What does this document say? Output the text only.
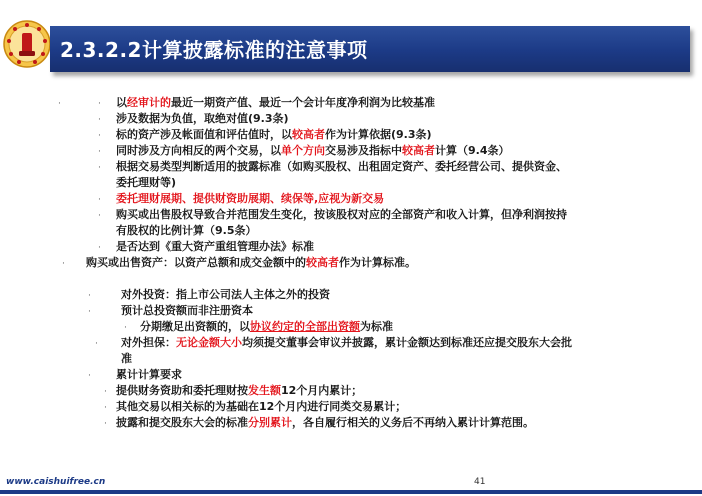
2.3.2.2计算披露标准的注意事项
·	·
·
·
·
·
·
·
·
·
·
·
·
·
·
·
·
·
以经审计的最近一期资产值、最近一个会计年度净利润为比较基准
涉及数据为负值，取绝对值(9.3条)
标的资产涉及帐面值和评估值时，以较高者作为计算依据(9.3条)
同时涉及方向相反的两个交易，以单个方向交易涉及指标中较高者计算（9.4条）
根据交易类型判断适用的披露标准（如购买股权、出租固定资产、委托经营公司、提供资金、
委托理财等)
委托理财展期、提供财资助展期、续保等,应视为新交易
购买或出售股权导致合并范围发生变化，按该股权对应的全部资产和收入计算，但净利润按持
有股权的比例计算（9.5条）
是否达到《重大资产重组管理办法》标准
购买或出售资产：以资产总额和成交金额中的较高者作为计算标准。
对外投资：指上市公司法人主体之外的投资
预计总投资额而非注册资本
分期缴足出资额的，以协议约定的全部出资额为标准
对外担保：无论金额大小均须提交董事会审议并披露，累计金额达到标准还应提交股东大会批
准
累计计算要求
提供财务资助和委托理财按发生额12个月内累计；
其他交易以相关标的为基础在12个月内进行同类交易累计；
披露和提交股东大会的标准分别累计，各自履行相关的义务后不再纳入累计计算范围。
www.caishuifree.cn	41
